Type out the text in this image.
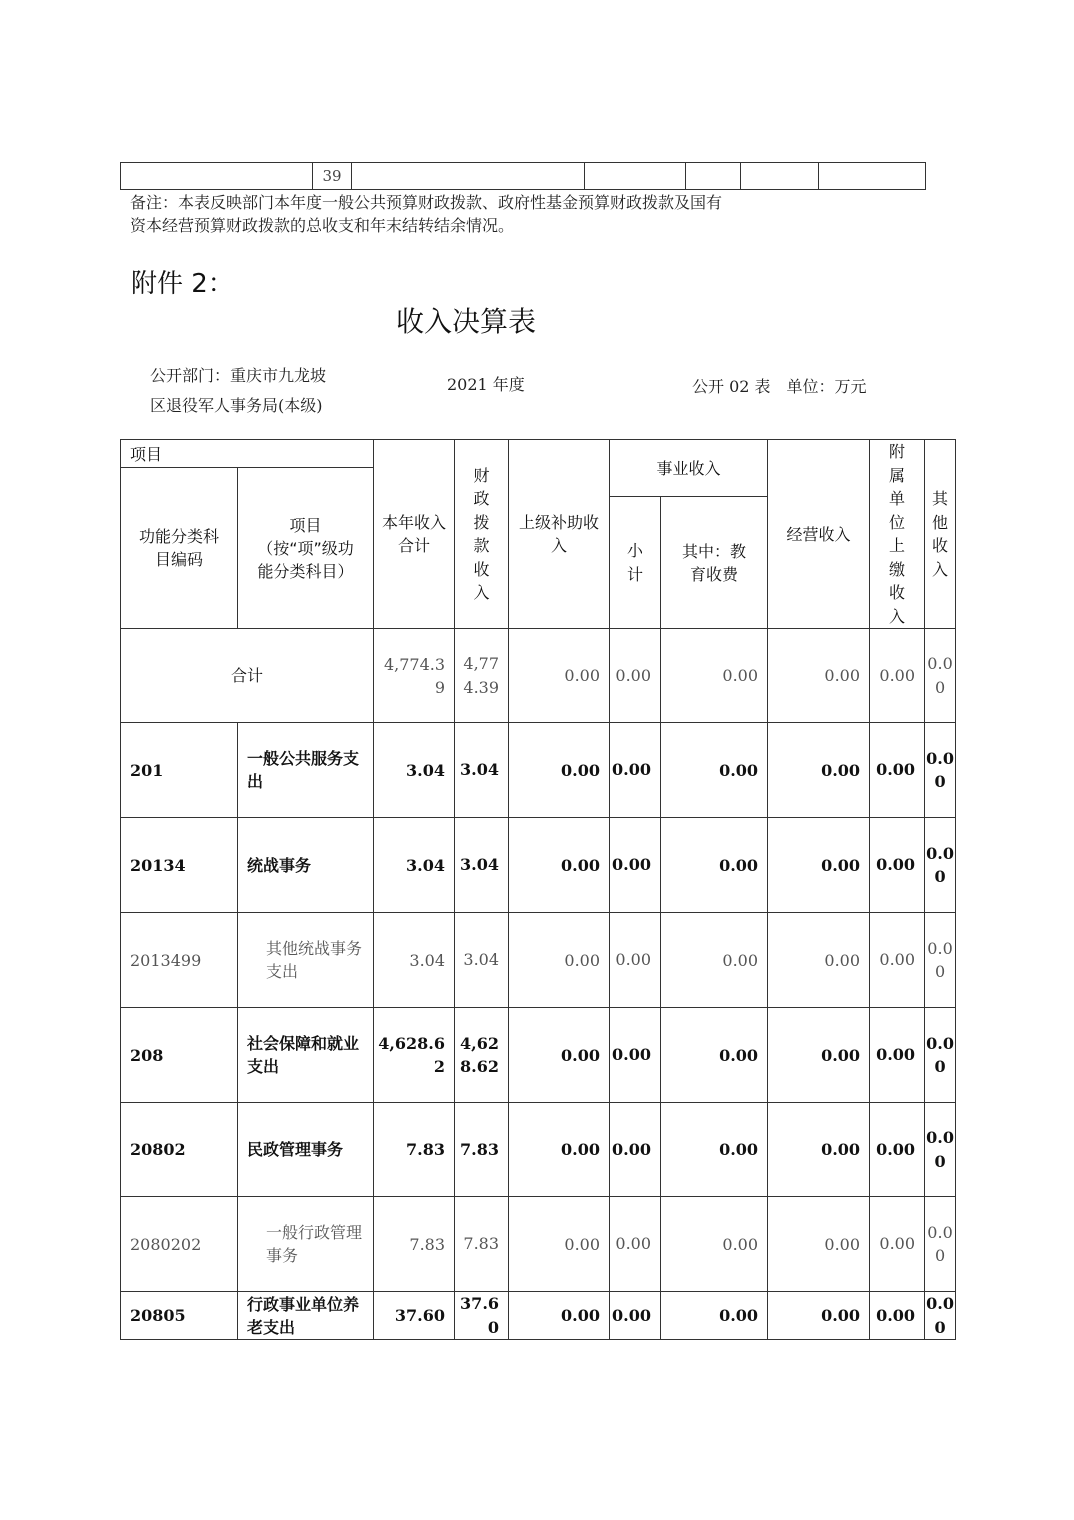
	39					
备注：本表反映部门本年度一般公共预算财政拨款、政府性基金预算财政拨款及国有
资本经营预算财政拨款的总收支和年末结转结余情况。
附件 2：
收入决算表
公开部门：重庆市九龙坡
区退役军人事务局(本级)
2021 年度	公开 02 表　单位：万元
项目		本年收入合计	财政拨款收入	上级补助收入	事业收入		经营收入	附属单位上缴收入	其他收入
功能分类科目编码	项目（按“项”级功能分类科目）								
					小计	其中：教育收费			
合计		4,774.39	4,774.39	0.00	0.00	0.00	0.00	0.00	0.00
201	一般公共服务支出	3.04	3.04	0.00	0.00	0.00	0.00	0.00	0.00
20134	统战事务	3.04	3.04	0.00	0.00	0.00	0.00	0.00	0.00
2013499	其他统战事务支出	3.04	3.04	0.00	0.00	0.00	0.00	0.00	0.00
208	社会保障和就业支出	4,628.62	4,628.62	0.00	0.00	0.00	0.00	0.00	0.00
20802	民政管理事务	7.83	7.83	0.00	0.00	0.00	0.00	0.00	0.00
2080202	一般行政管理事务	7.83	7.83	0.00	0.00	0.00	0.00	0.00	0.00
20805	行政事业单位养老支出	37.60	37.60	0.00	0.00	0.00	0.00	0.00	0.00
